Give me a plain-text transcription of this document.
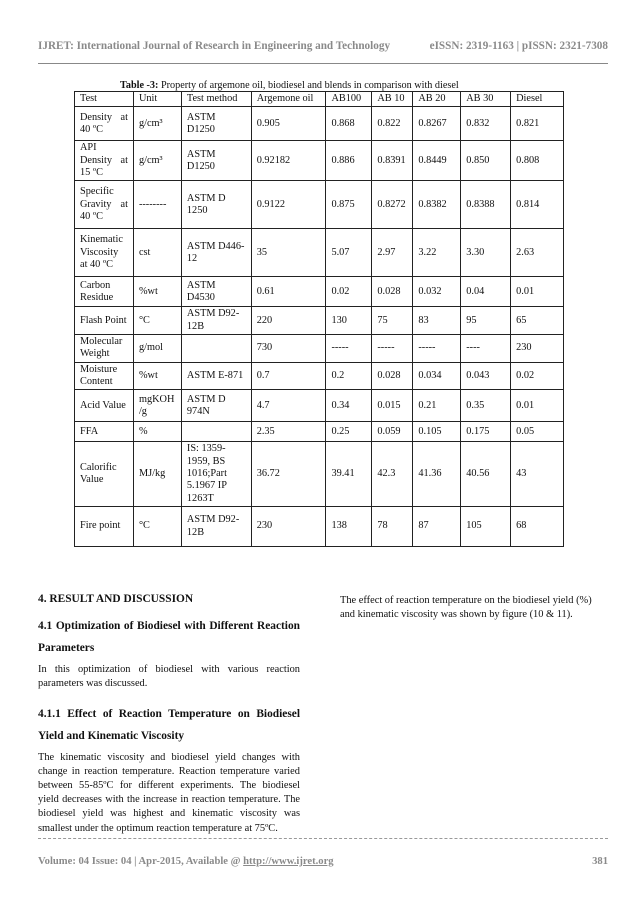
IJRET: International Journal of Research in Engineering and Technology	eISSN: 2319-1163 | pISSN: 2321-7308
Table -3: Property of argemone oil, biodiesel and blends in comparison with diesel
Test	Unit	Test method	Argemone oil	AB100	AB 10	AB 20	AB 30	Diesel
Density at 40 ºC	g/cm³	ASTM D1250	0.905	0.868	0.822	0.8267	0.832	0.821
API Density at 15 ºC	g/cm³	ASTM D1250	0.92182	0.886	0.8391	0.8449	0.850	0.808
Specific Gravity at 40 ºC	--------	ASTM D 1250	0.9122	0.875	0.8272	0.8382	0.8388	0.814
Kinematic Viscosity at 40 ºC	cst	ASTM D446-12	35	5.07	2.97	3.22	3.30	2.63
Carbon Residue	%wt	ASTM D4530	0.61	0.02	0.028	0.032	0.04	0.01
Flash Point	°C	ASTM D92-12B	220	130	75	83	95	65
Molecular Weight	g/mol		730	-----	-----	-----	----	230
Moisture Content	%wt	ASTM E-871	0.7	0.2	0.028	0.034	0.043	0.02
Acid Value	mgKOH /g	ASTM D 974N	4.7	0.34	0.015	0.21	0.35	0.01
FFA	%		2.35	0.25	0.059	0.105	0.175	0.05
Calorific Value	MJ/kg	IS: 1359-1959, BS 1016;Part 5.1967 IP 1263T	36.72	39.41	42.3	41.36	40.56	43
Fire point	°C	ASTM D92-12B	230	138	78	87	105	68
4. RESULT AND DISCUSSION
4.1 Optimization of Biodiesel with Different Reaction Parameters

In this optimization of biodiesel with various reaction parameters was discussed.

4.1.1 Effect of Reaction Temperature on Biodiesel Yield and Kinematic Viscosity

The kinematic viscosity and biodiesel yield changes with change in reaction temperature. Reaction temperature varied between 55-85ºC for different experiments. The biodiesel yield decreases with the increase in reaction temperature. The biodiesel yield was highest and kinematic viscosity was smallest under the optimum reaction temperature at 75ºC.

The effect of reaction temperature on the biodiesel yield (%) and kinematic viscosity was shown by figure (10 & 11).

Volume: 04 Issue: 04 | Apr-2015, Available @ http://www.ijret.org	381
